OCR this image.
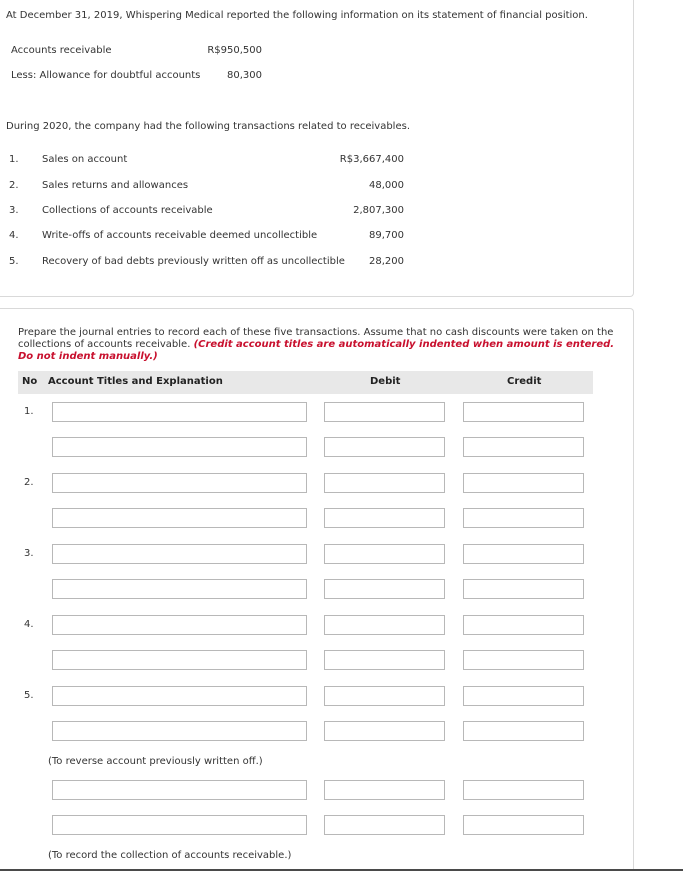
At December 31, 2019, Whispering Medical reported the following information on its statement of financial position.
Accounts receivable	R$950,500
Less: Allowance for doubtful accounts	80,300
During 2020, the company had the following transactions related to receivables.
1. Sales on account	R$3,667,400
2. Sales returns and allowances	48,000
3. Collections of accounts receivable	2,807,300
4. Write-offs of accounts receivable deemed uncollectible	89,700
5. Recovery of bad debts previously written off as uncollectible	28,200
Prepare the journal entries to record each of these five transactions. Assume that no cash discounts were taken on the collections of accounts receivable. (Credit account titles are automatically indented when amount is entered. Do not indent manually.)
No Account Titles and Explanation	Debit	Credit
1.
2.
3.
4.
5.
(To reverse account previously written off.)
(To record the collection of accounts receivable.)
